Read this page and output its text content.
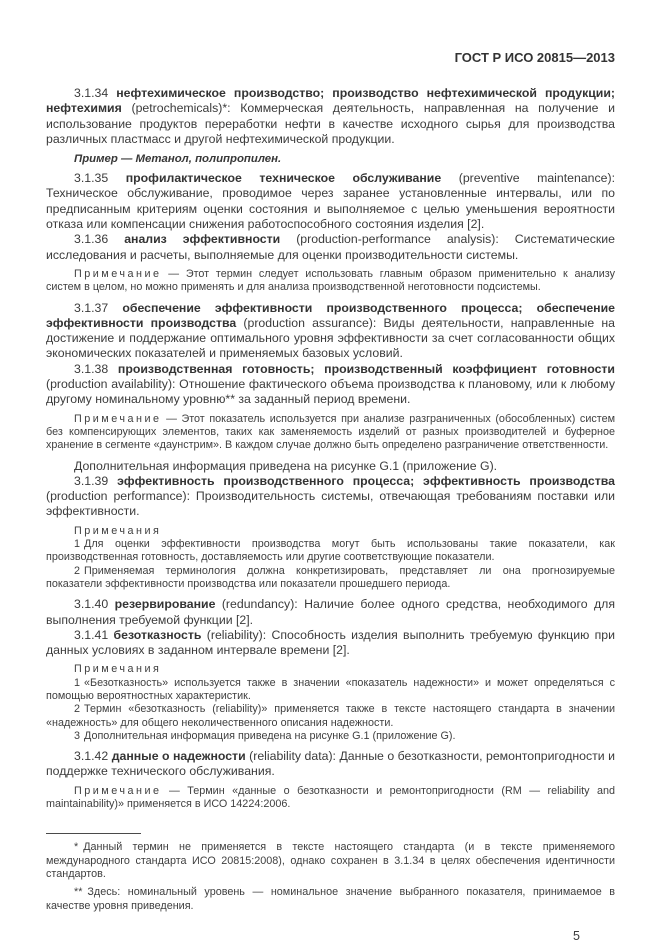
ГОСТ Р ИСО 20815—2013

3.1.34 нефтехимическое производство; производство нефтехимической продукции; нефтехимия (petrochemicals)*: Коммерческая деятельность, направленная на получение и использование продуктов переработки нефти в качестве исходного сырья для производства различных пластмасс и другой нефтехимической продукции.

Пример — Метанол, полипропилен.

3.1.35 профилактическое техническое обслуживание (preventive maintenance): Техническое обслуживание, проводимое через заранее установленные интервалы, или по предписанным критериям оценки состояния и выполняемое с целью уменьшения вероятности отказа или компенсации снижения работоспособного состояния изделия [2].

3.1.36 анализ эффективности (production-performance analysis): Систематические исследования и расчеты, выполняемые для оценки производительности системы.

Примечание — Этот термин следует использовать главным образом применительно к анализу систем в целом, но можно применять и для анализа производственной неготовности подсистемы.

3.1.37 обеспечение эффективности производственного процесса; обеспечение эффективности производства (production assurance): Виды деятельности, направленные на достижение и поддержание оптимального уровня эффективности за счет согласованности общих экономических показателей и применяемых базовых условий.

3.1.38 производственная готовность; производственный коэффициент готовности (production availability): Отношение фактического объема производства к плановому, или к любому другому номинальному уровню** за заданный период времени.

Примечание — Этот показатель используется при анализе разграниченных (обособленных) систем без компенсирующих элементов, таких как заменяемость изделий от разных производителей и буферное хранение в сегменте «даунстрим». В каждом случае должно быть определено разграничение ответственности.

Дополнительная информация приведена на рисунке G.1 (приложение G).

3.1.39 эффективность производственного процесса; эффективность производства (production performance): Производительность системы, отвечающая требованиям поставки или эффективности.

Примечания

1 Для оценки эффективности производства могут быть использованы такие показатели, как производственная готовность, доставляемость или другие соответствующие показатели.

2 Применяемая терминология должна конкретизировать, представляет ли она прогнозируемые показатели эффективности производства или показатели прошедшего периода.

3.1.40 резервирование (redundancy): Наличие более одного средства, необходимого для выполнения требуемой функции [2].

3.1.41 безотказность (reliability): Способность изделия выполнить требуемую функцию при данных условиях в заданном интервале времени [2].

Примечания

1 «Безотказность» используется также в значении «показатель надежности» и может определяться с помощью вероятностных характеристик.

2 Термин «безотказность (reliability)» применяется также в тексте настоящего стандарта в значении «надежность» для общего неколичественного описания надежности.

3 Дополнительная информация приведена на рисунке G.1 (приложение G).

3.1.42 данные о надежности (reliability data): Данные о безотказности, ремонтопригодности и поддержке технического обслуживания.

Примечание — Термин «данные о безотказности и ремонтопригодности (RM — reliability and maintainability)» применяется в ИСО 14224:2006.

* Данный термин не применяется в тексте настоящего стандарта (и в тексте применяемого международного стандарта ИСО 20815:2008), однако сохранен в 3.1.34 в целях обеспечения идентичности стандартов.

** Здесь: номинальный уровень — номинальное значение выбранного показателя, принимаемое в качестве уровня приведения.

5
